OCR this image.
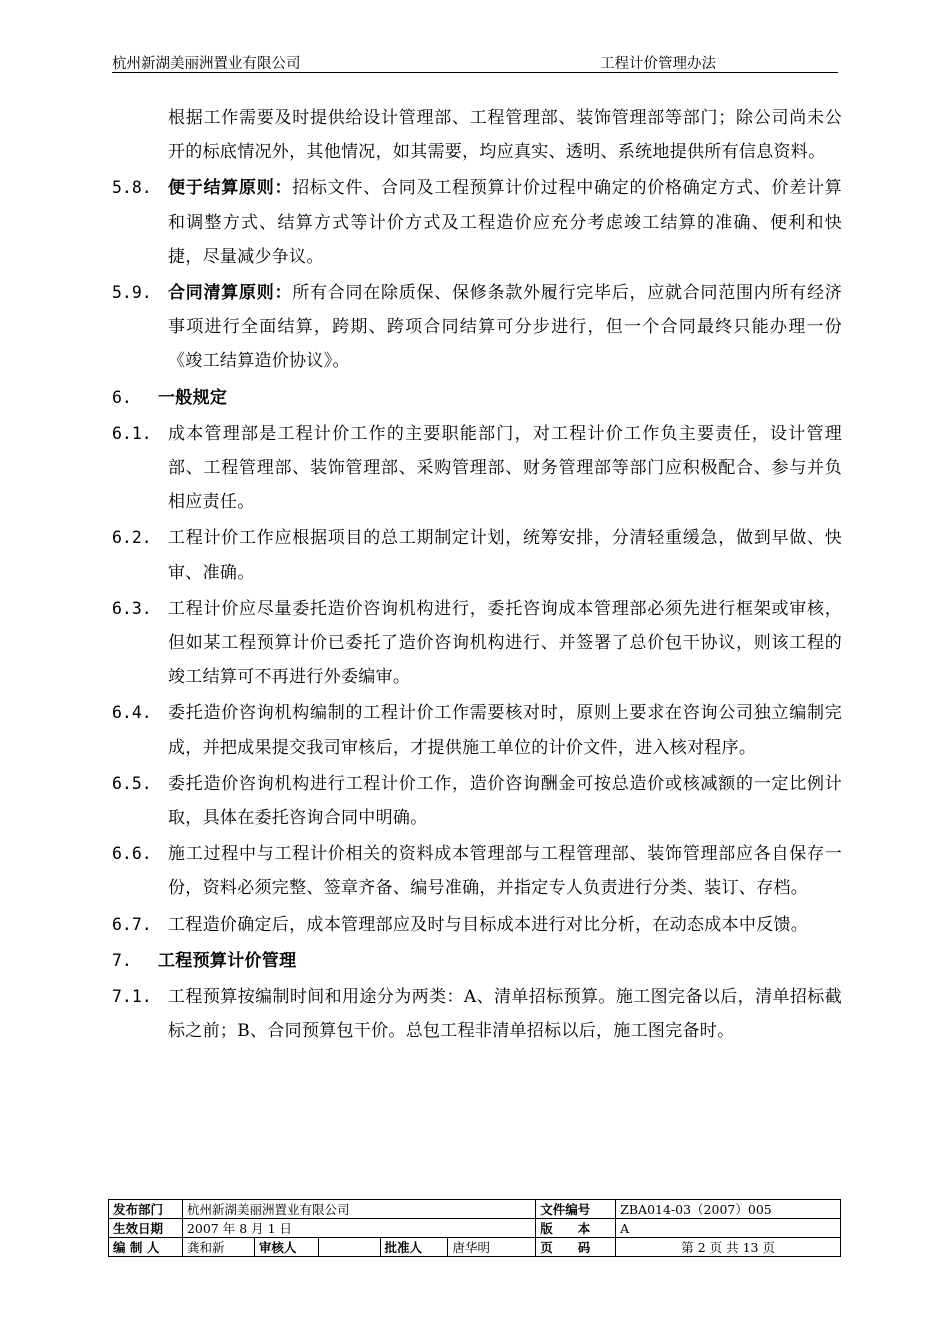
杭州新湖美丽洲置业有限公司	工程计价管理办法
根据工作需要及时提供给设计管理部、工程管理部、装饰管理部等部门；除公司尚未公开的标底情况外，其他情况，如其需要，均应真实、透明、系统地提供所有信息资料。
5.8. 便于结算原则：招标文件、合同及工程预算计价过程中确定的价格确定方式、价差计算和调整方式、结算方式等计价方式及工程造价应充分考虑竣工结算的准确、便利和快捷，尽量减少争议。
5.9. 合同清算原则：所有合同在除质保、保修条款外履行完毕后，应就合同范围内所有经济事项进行全面结算，跨期、跨项合同结算可分步进行，但一个合同最终只能办理一份《竣工结算造价协议》。
6. 一般规定
6.1. 成本管理部是工程计价工作的主要职能部门，对工程计价工作负主要责任，设计管理部、工程管理部、装饰管理部、采购管理部、财务管理部等部门应积极配合、参与并负相应责任。
6.2. 工程计价工作应根据项目的总工期制定计划，统筹安排，分清轻重缓急，做到早做、快审、准确。
6.3. 工程计价应尽量委托造价咨询机构进行，委托咨询成本管理部必须先进行框架或审核，但如某工程预算计价已委托了造价咨询机构进行、并签署了总价包干协议，则该工程的竣工结算可不再进行外委编审。
6.4. 委托造价咨询机构编制的工程计价工作需要核对时，原则上要求在咨询公司独立编制完成，并把成果提交我司审核后，才提供施工单位的计价文件，进入核对程序。
6.5. 委托造价咨询机构进行工程计价工作，造价咨询酬金可按总造价或核减额的一定比例计取，具体在委托咨询合同中明确。
6.6. 施工过程中与工程计价相关的资料成本管理部与工程管理部、装饰管理部应各自保存一份，资料必须完整、签章齐备、编号准确，并指定专人负责进行分类、装订、存档。
6.7. 工程造价确定后，成本管理部应及时与目标成本进行对比分析，在动态成本中反馈。
7. 工程预算计价管理
7.1. 工程预算按编制时间和用途分为两类：A、清单招标预算。施工图完备以后，清单招标截标之前；B、合同预算包干价。总包工程非清单招标以后，施工图完备时。
发布部门	杭州新湖美丽洲置业有限公司					文件编号	ZBA014-03（2007）005
生效日期	2007 年 8 月 1 日					版　　本	A
编 制 人	龚和新	审核人		批准人	唐华明	页　　码	第 2 页 共 13 页
